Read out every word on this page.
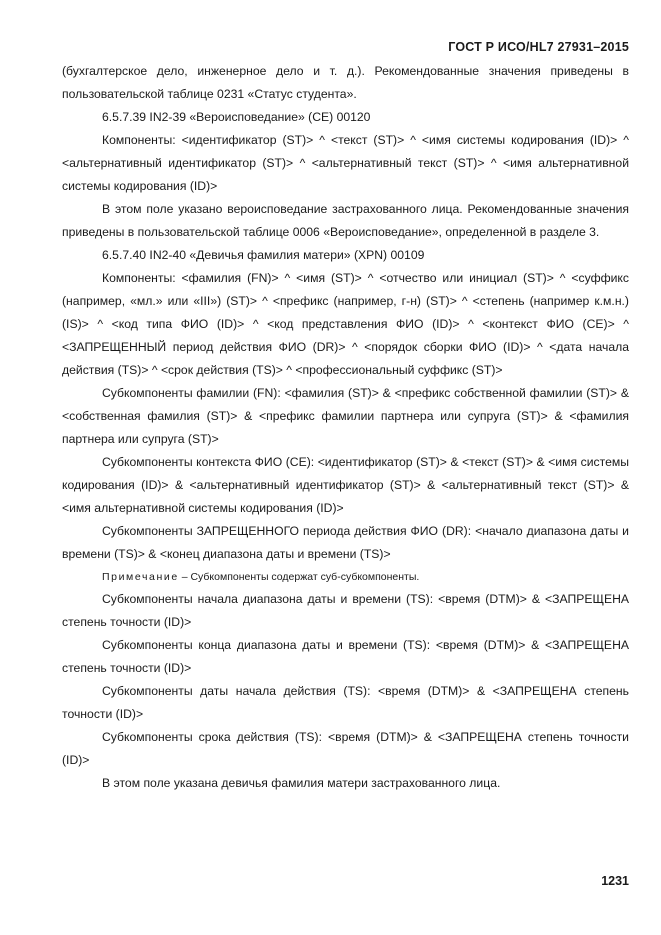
ГОСТ Р ИСО/HL7 27931–2015

(бухгалтерское дело, инженерное дело и т. д.). Рекомендованные значения приведены в пользовательской таблице 0231 «Статус студента».

6.5.7.39 IN2-39 «Вероисповедание» (CE) 00120

Компоненты: <идентификатор (ST)> ^ <текст (ST)> ^ <имя системы кодирования (ID)> ^ <альтернативный идентификатор (ST)> ^ <альтернативный текст (ST)> ^ <имя альтернативной системы кодирования (ID)>

В этом поле указано вероисповедание застрахованного лица. Рекомендованные значения приведены в пользовательской таблице 0006 «Вероисповедание», определенной в разделе 3.

6.5.7.40 IN2-40 «Девичья фамилия матери» (XPN) 00109

Компоненты: <фамилия (FN)> ^ <имя (ST)> ^ <отчество или инициал (ST)> ^ <суффикс (например, «мл.» или «III») (ST)> ^ <префикс (например, г-н) (ST)> ^ <степень (например к.м.н.) (IS)> ^ <код типа ФИО (ID)> ^ <код представления ФИО (ID)> ^ <контекст ФИО (CE)> ^ <ЗАПРЕЩЕННЫЙ период действия ФИО (DR)> ^ <порядок сборки ФИО (ID)> ^ <дата начала действия (TS)> ^ <срок действия (TS)> ^ <профессиональный суффикс (ST)>

Субкомпоненты фамилии (FN): <фамилия (ST)> & <префикс собственной фамилии (ST)> & <собственная фамилия (ST)> & <префикс фамилии партнера или супруга (ST)> & <фамилия партнера или супруга (ST)>

Субкомпоненты контекста ФИО (CE): <идентификатор (ST)> & <текст (ST)> & <имя системы кодирования (ID)> & <альтернативный идентификатор (ST)> & <альтернативный текст (ST)> & <имя альтернативной системы кодирования (ID)>

Субкомпоненты ЗАПРЕЩЕННОГО периода действия ФИО (DR): <начало диапазона даты и времени (TS)> & <конец диапазона даты и времени (TS)>

Примечание – Субкомпоненты содержат суб-субкомпоненты.

Субкомпоненты начала диапазона даты и времени (TS): <время (DTM)> & <ЗАПРЕЩЕНА степень точности (ID)>

Субкомпоненты конца диапазона даты и времени (TS): <время (DTM)> & <ЗАПРЕЩЕНА степень точности (ID)>

Субкомпоненты даты начала действия (TS): <время (DTM)> & <ЗАПРЕЩЕНА степень точности (ID)>

Субкомпоненты срока действия (TS): <время (DTM)> & <ЗАПРЕЩЕНА степень точности (ID)>

В этом поле указана девичья фамилия матери застрахованного лица.

1231
